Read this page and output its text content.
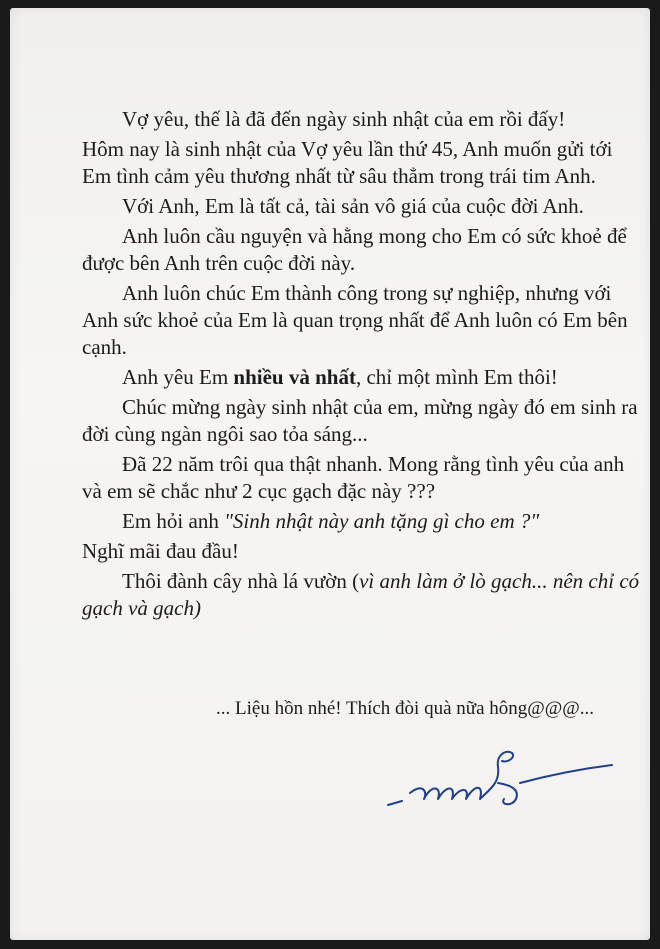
Vợ yêu, thế là đã đến ngày sinh nhật của em rồi đấy!

Hôm nay là sinh nhật của Vợ yêu lần thứ 45, Anh muốn gửi tới Em tình cảm yêu thương nhất từ sâu thẳm trong trái tim Anh.

Với Anh, Em là tất cả, tài sản vô giá của cuộc đời Anh.

Anh luôn cầu nguyện và hằng mong cho Em có sức khoẻ để được bên Anh trên cuộc đời này.

Anh luôn chúc Em thành công trong sự nghiệp, nhưng với Anh sức khoẻ của Em là quan trọng nhất để Anh luôn có Em bên cạnh.

Anh yêu Em nhiều và nhất, chỉ một mình Em thôi!

Chúc mừng ngày sinh nhật của em, mừng ngày đó em sinh ra đời cùng ngàn ngôi sao tỏa sáng...

Đã 22 năm trôi qua thật nhanh. Mong rằng tình yêu của anh và em sẽ chắc như 2 cục gạch đặc này ???

Em hỏi anh "Sinh nhật này anh tặng gì cho em ?"

Nghĩ mãi đau đầu!

Thôi đành cây nhà lá vườn (vì anh làm ở lò gạch... nên chỉ có gạch và gạch)

... Liệu hồn nhé! Thích đòi quà nữa hông@@@...
